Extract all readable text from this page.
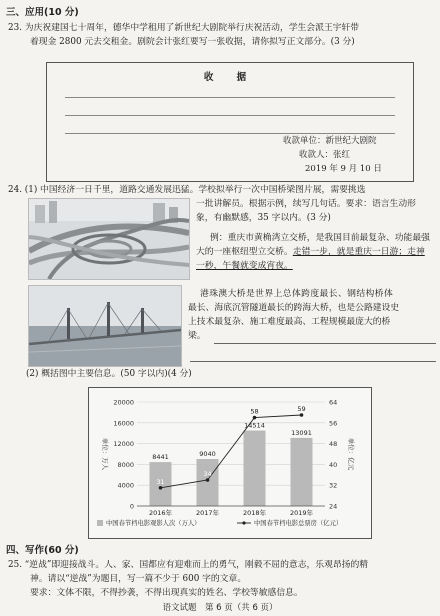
三、应用(10 分)
23. 为庆祝建国七十周年，德华中学租用了新世纪大剧院举行庆祝活动，学生会派王宇轩带
着现金 2800 元去交租金。剧院会计张红要写一张收据，请你拟写正文部分。(3 分)
收 据
收款单位：新世纪大剧院
收款人：张红
2019 年 9 月 10 日
24. (1) 中国经济一日千里，道路交通发展迅猛。学校拟举行一次中国桥梁图片展，需要挑选
一批讲解员。根据示例，续写几句话。要求：语言生动形
象，有幽默感，35 字以内。(3 分)
例：重庆市黄桷湾立交桥，是我国目前最复杂、功能最强
大的一座枢纽型立交桥。走错一步，就是重庆一日游；走神
一秒，午餐就变成宵夜。
港珠澳大桥是世界上总体跨度最长、钢结构桥体
最长、海底沉管隧道最长的跨海大桥，也是公路建设史
上技术最复杂、施工难度最高、工程规模最庞大的桥
梁。
(2) 概括图中主要信息。(50 字以内)(4 分)
8441
2016年
9040
2017年
14514
2018年
13091
2019年
31
34
58	59
中国春节档电影观影人次（万人）	中国春节档电影总票房（亿元）
0
4000
8000
12000
16000
20000
24
32
40
48
56
64
单位：万人	单位：亿元
四、写作(60 分)
25. “逆战”即迎接战斗。人、家、国都应有迎难而上的勇气，刚毅不屈的意志，乐观昂扬的精
神。请以“逆战”为题目，写一篇不少于 600 字的文章。
要求：文体不限，不得抄袭，不得出现真实的姓名、学校等敏感信息。
语文试题　第 6 页（共 6 页）
